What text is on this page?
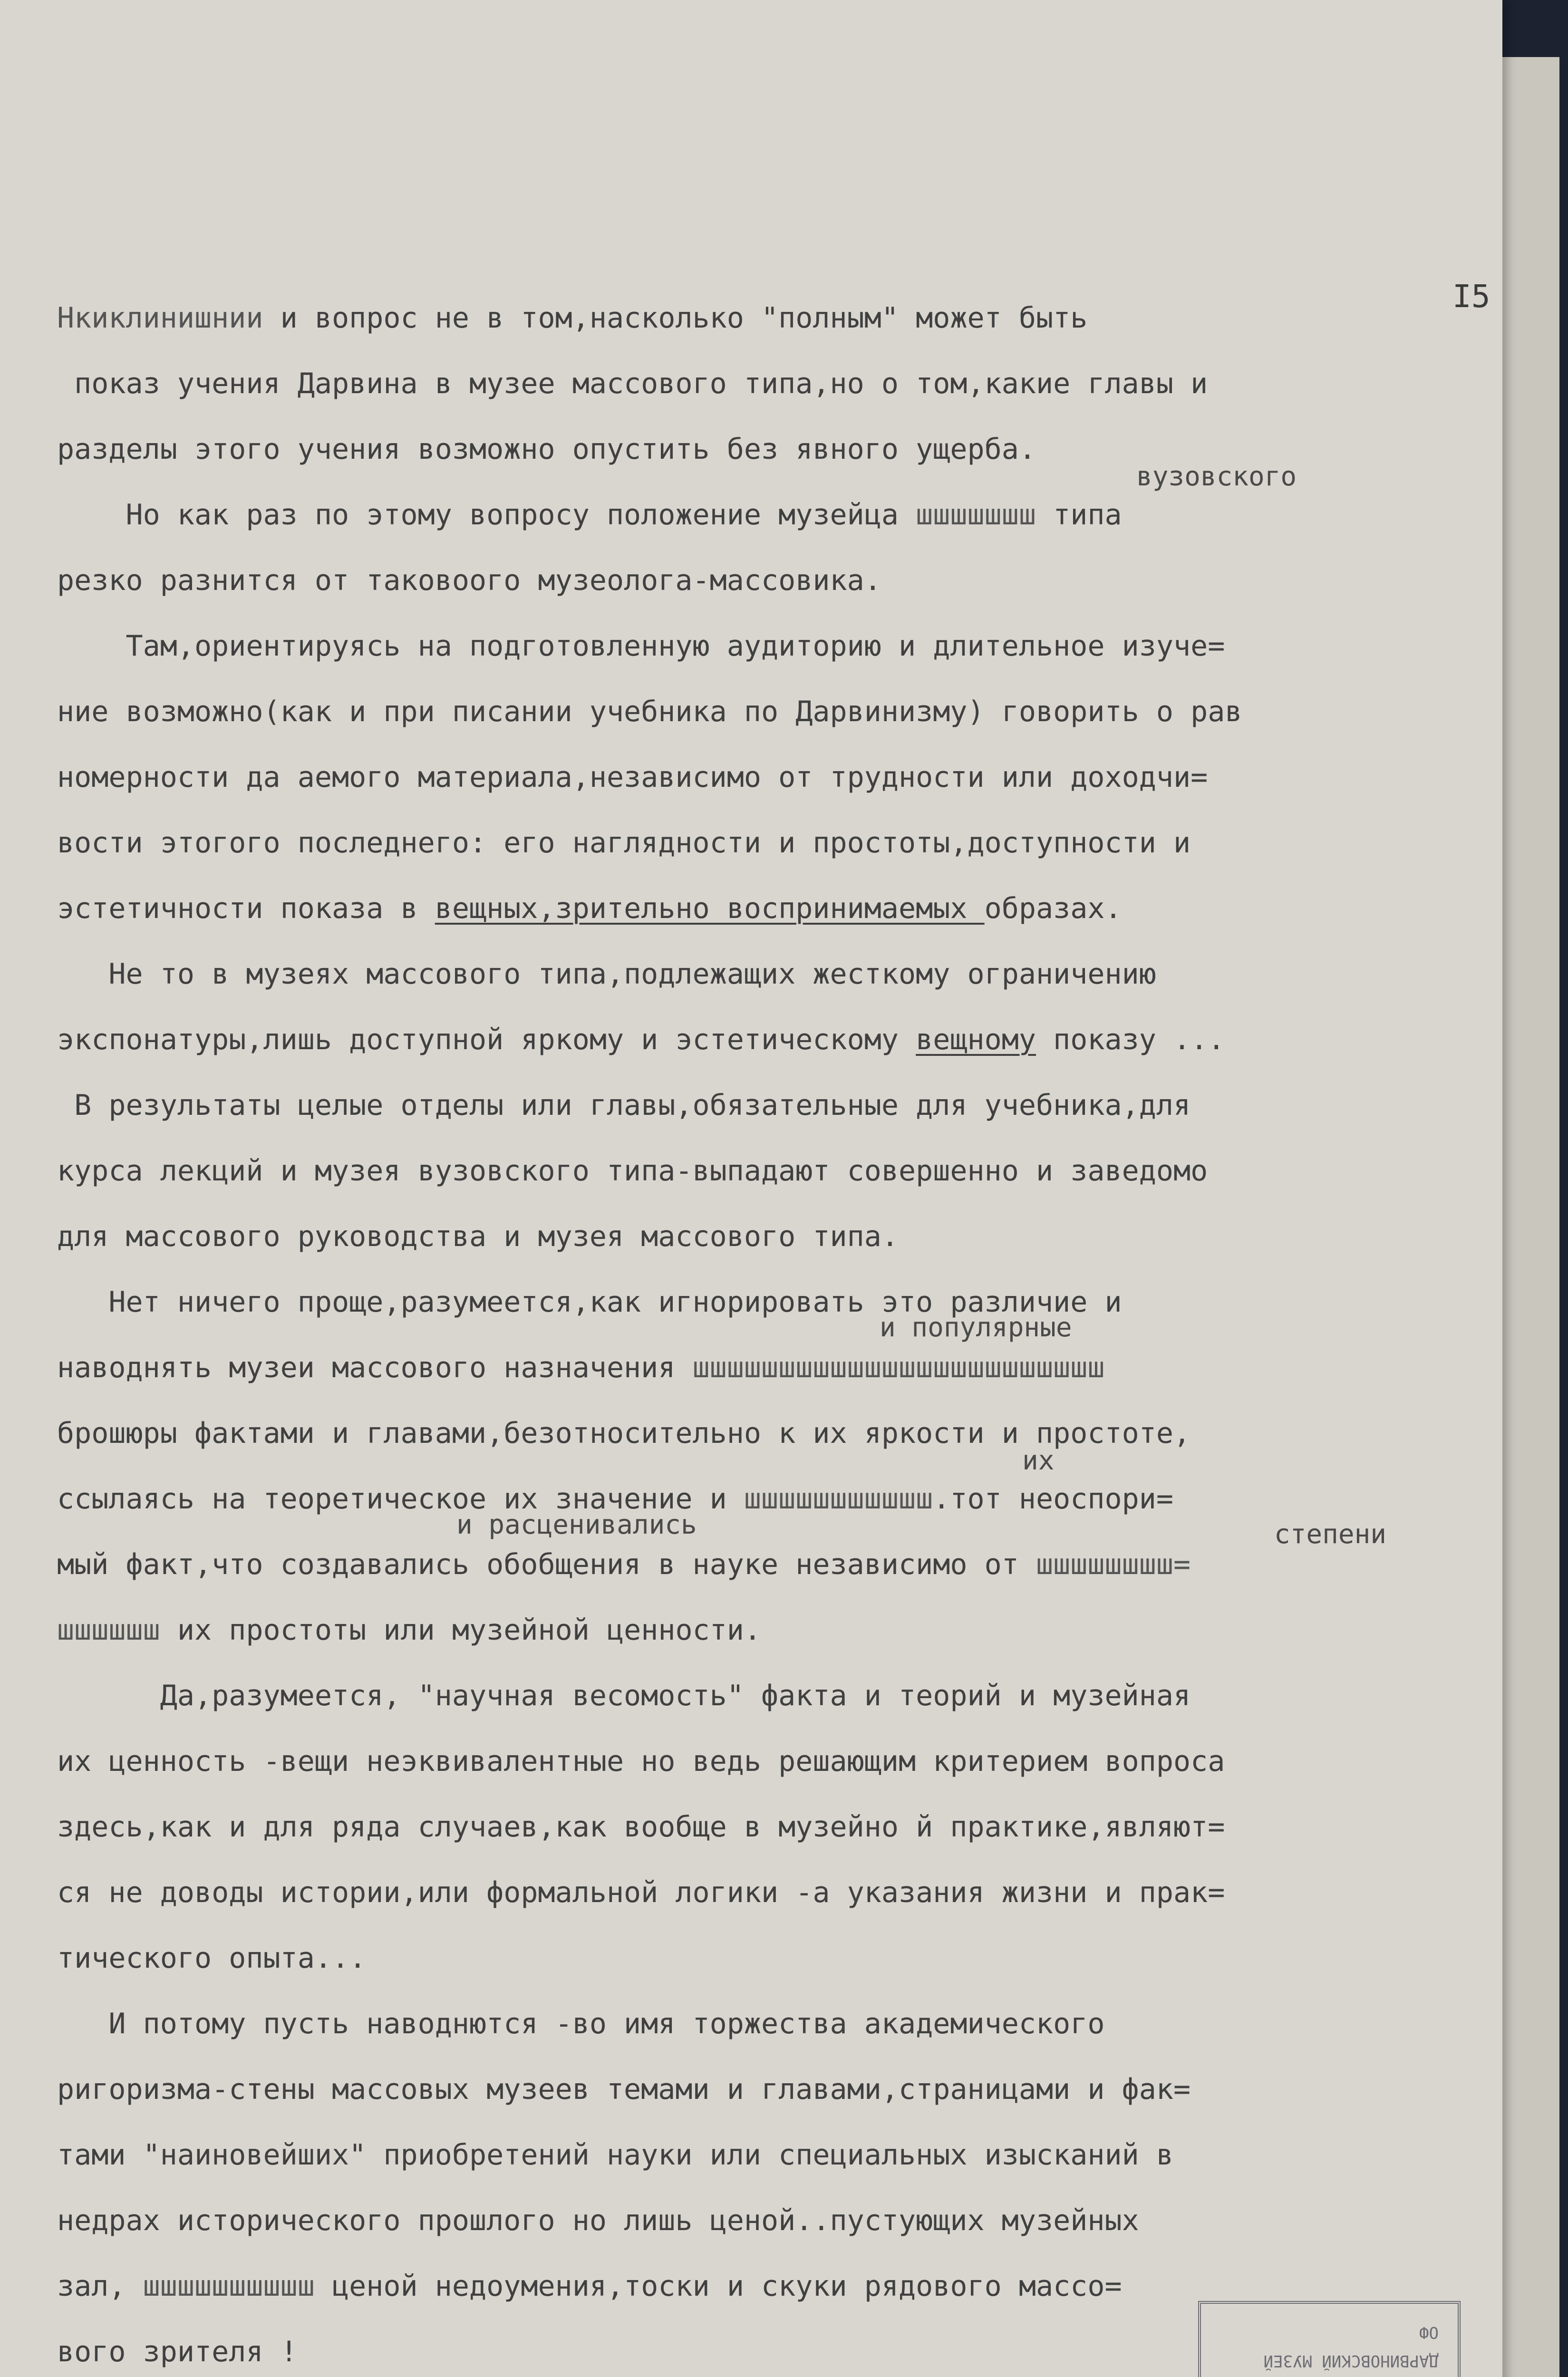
I5
вузовского
и популярные
их
и расценивались	степени
Нкиклинишнии и вопрос не в том,насколько "полным" может быть
показ учения Дарвина в музее массового типа,но о том,какие главы и
разделы этого учения возможно опустить без явного ущерба.
Но как раз по этому вопросу положение музейца шшшшшшш типа
резко разнится от таковоого музеолога-массовика.
Там,ориентируясь на подготовленную аудиторию и длительное изуче=
ние возможно(как и при писании учебника по Дарвинизму) говорить о рав
номерности да аемого материала,независимо от трудности или доходчи=
вости этогого последнего: его наглядности и простоты,доступности и
эстетичности показа в вещных,зрительно воспринимаемых образах.
Не то в музеях массового типа,подлежащих жесткому ограничению
экспонатуры,лишь доступной яркому и эстетическому вещному показу ...
В результаты целые отделы или главы,обязательные для учебника,для
курса лекций и музея вузовского типа-выпадают совершенно и заведомо
для массового руководства и музея массового типа.
Нет ничего проще,разумеется,как игнорировать это различие и
наводнять музеи массового назначения шшшшшшшшшшшшшшшшшшшшшшшш
брошюры фактами и главами,безотносительно к их яркости и простоте,
ссылаясь на теоретическое их значение и шшшшшшшшшшш.тот неоспори=
мый факт,что создавались обобщения в науке независимо от шшшшшшшш=
шшшшшш их простоты или музейной ценности.
Да,разумеется, "научная весомость" факта и теорий и музейная
их ценность -вещи неэквивалентные но ведь решающим критерием вопроса
здесь,как и для ряда случаев,как вообще в музейно й практике,являют=
ся не доводы истории,или формальной логики -а указания жизни и прак=
тического опыта...
И потому пусть наводнются -во имя торжества академического
ригоризма-стены массовых музеев темами и главами,страницами и фак=
тами "наиновейших" приобретений науки или специальных изысканий в
недрах исторического прошлого но лишь ценой..пустующих музейных
зал, шшшшшшшшшш ценой недоумения,тоски и скуки рядового массо=
вого зрителя !	ДАРВИНОВСКИЙ МУЗЕЙ
ОФ
